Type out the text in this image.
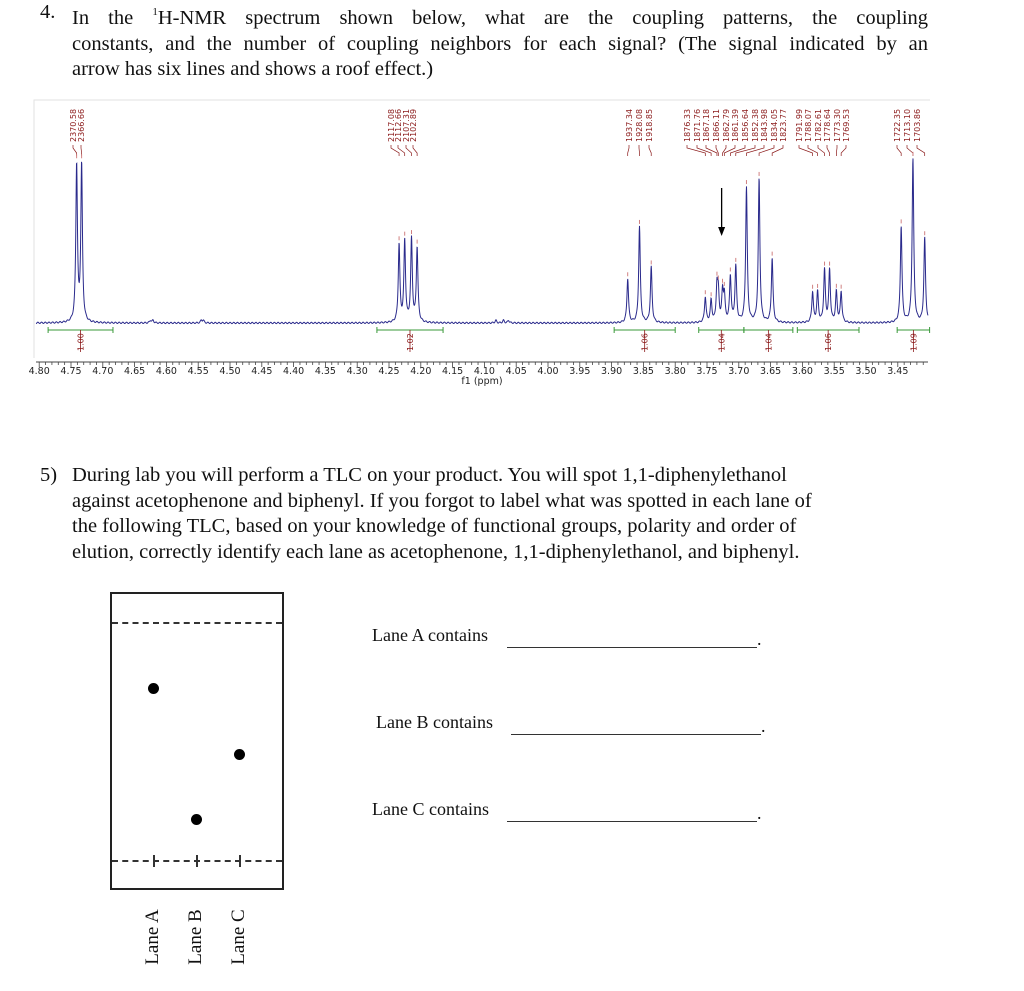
4. In the $^1$H-NMR spectrum shown below, what are the coupling patterns, the coupling
constants, and the number of coupling neighbors for each signal? (The signal indicated by an
arrow has six lines and shows a roof effect.)
2370.58 2366.66	2117.08
2112.66 2107.31
2102.89	1937.34 1928.08 1918.85	1876.33 1871.76 1867.18 1866.11 1862.79 1861.39 1856.64 1852.38 1843.98 1834.05 1823.77 1791.99 1788.07 1782.61 1778.64 1773.30 1769.53	1722.35 1713.10 1703.86
1.00	1.02	1.06	1.04	1.04	1.06	1.09
4.80 4.75 4.70 4.65 4.60 4.55 4.50 4.45 4.40 4.35 4.30 4.25 4.20 4.15 4.10 4.05 4.00 3.95 3.90 3.85 3.80 3.75 3.70 3.65 3.60 3.55 3.50 3.45
f1 (ppm)
5) During lab you will perform a TLC on your product. You will spot 1,1-diphenylethanol
against acetophenone and biphenyl. If you forgot to label what was spotted in each lane of
the following TLC, based on your knowledge of functional groups, polarity and order of
elution, correctly identify each lane as acetophenone, 1,1-diphenylethanol, and biphenyl.
Lane A Lane B Lane C
Lane A contains	.
Lane B contains	.
Lane C contains	.
